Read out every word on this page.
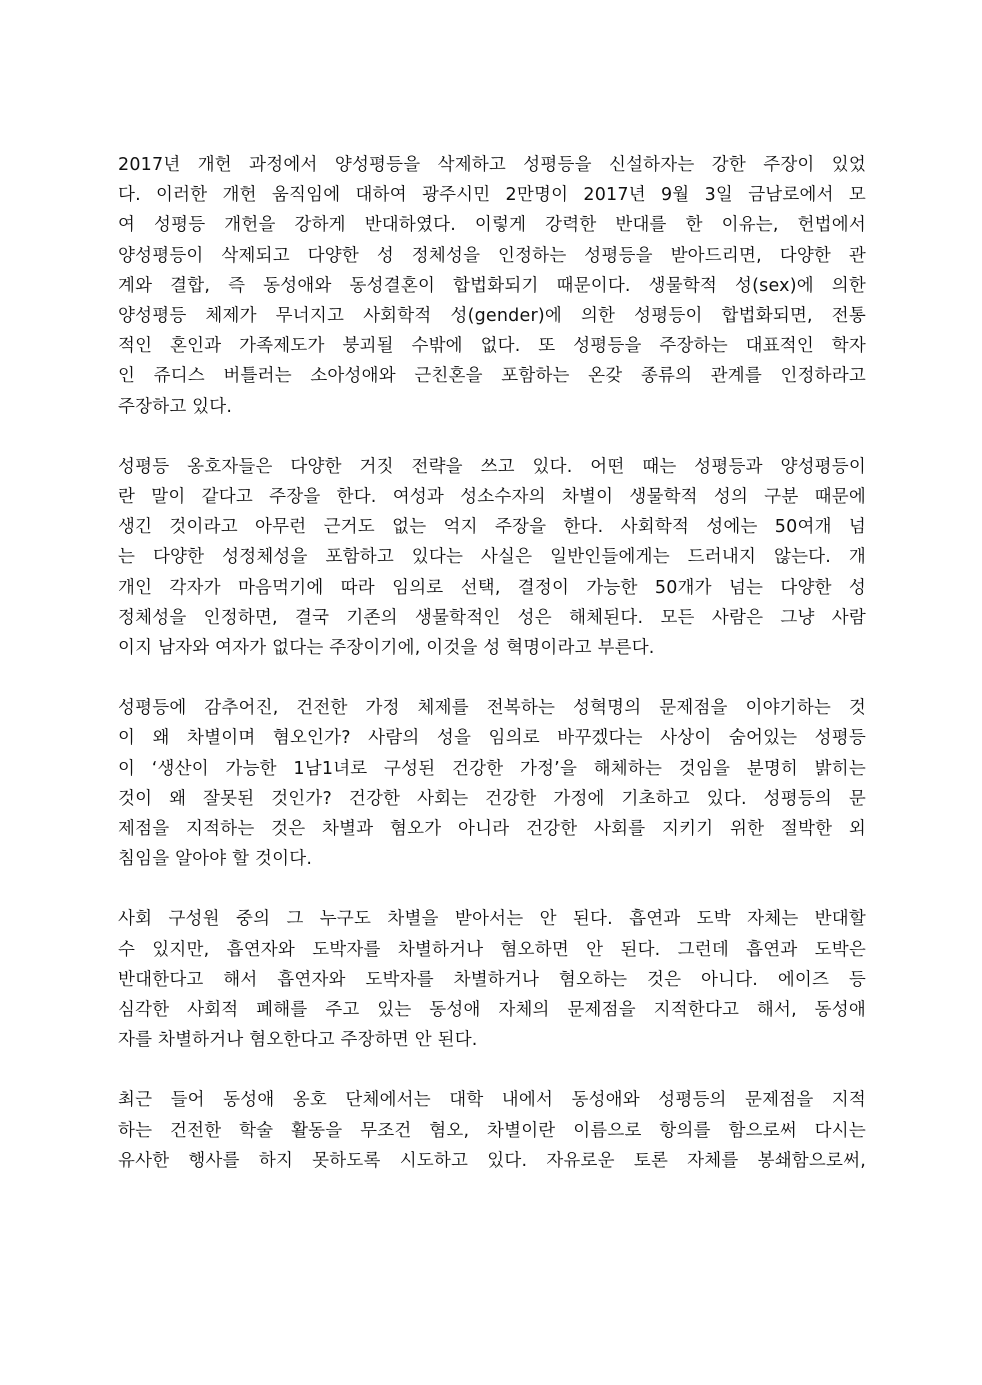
2017년 개헌 과정에서 양성평등을 삭제하고 성평등을 신설하자는 강한 주장이 있었
다. 이러한 개헌 움직임에 대하여 광주시민 2만명이 2017년 9월 3일 금남로에서 모
여 성평등 개헌을 강하게 반대하였다. 이렇게 강력한 반대를 한 이유는, 헌법에서
양성평등이 삭제되고 다양한 성 정체성을 인정하는 성평등을 받아드리면, 다양한 관
계와 결합, 즉 동성애와 동성결혼이 합법화되기 때문이다. 생물학적 성(sex)에 의한
양성평등 체제가 무너지고 사회학적 성(gender)에 의한 성평등이 합법화되면, 전통
적인 혼인과 가족제도가 붕괴될 수밖에 없다. 또 성평등을 주장하는 대표적인 학자
인 쥬디스 버틀러는 소아성애와 근친혼을 포함하는 온갖 종류의 관계를 인정하라고
주장하고 있다.

성평등 옹호자들은 다양한 거짓 전략을 쓰고 있다. 어떤 때는 성평등과 양성평등이
란 말이 같다고 주장을 한다. 여성과 성소수자의 차별이 생물학적 성의 구분 때문에
생긴 것이라고 아무런 근거도 없는 억지 주장을 한다. 사회학적 성에는 50여개 넘
는 다양한 성정체성을 포함하고 있다는 사실은 일반인들에게는 드러내지 않는다. 개
개인 각자가 마음먹기에 따라 임의로 선택, 결정이 가능한 50개가 넘는 다양한 성
정체성을 인정하면, 결국 기존의 생물학적인 성은 해체된다. 모든 사람은 그냥 사람
이지 남자와 여자가 없다는 주장이기에, 이것을 성 혁명이라고 부른다.

성평등에 감추어진, 건전한 가정 체제를 전복하는 성혁명의 문제점을 이야기하는 것
이 왜 차별이며 혐오인가? 사람의 성을 임의로 바꾸겠다는 사상이 숨어있는 성평등
이 ‘생산이 가능한 1남1녀로 구성된 건강한 가정’을 해체하는 것임을 분명히 밝히는
것이 왜 잘못된 것인가? 건강한 사회는 건강한 가정에 기초하고 있다. 성평등의 문
제점을 지적하는 것은 차별과 혐오가 아니라 건강한 사회를 지키기 위한 절박한 외
침임을 알아야 할 것이다.

사회 구성원 중의 그 누구도 차별을 받아서는 안 된다. 흡연과 도박 자체는 반대할
수 있지만, 흡연자와 도박자를 차별하거나 혐오하면 안 된다. 그런데 흡연과 도박은
반대한다고 해서 흡연자와 도박자를 차별하거나 혐오하는 것은 아니다. 에이즈 등
심각한 사회적 폐해를 주고 있는 동성애 자체의 문제점을 지적한다고 해서, 동성애
자를 차별하거나 혐오한다고 주장하면 안 된다.

최근 들어 동성애 옹호 단체에서는 대학 내에서 동성애와 성평등의 문제점을 지적
하는 건전한 학술 활동을 무조건 혐오, 차별이란 이름으로 항의를 함으로써 다시는
유사한 행사를 하지 못하도록 시도하고 있다. 자유로운 토론 자체를 봉쇄함으로써,
